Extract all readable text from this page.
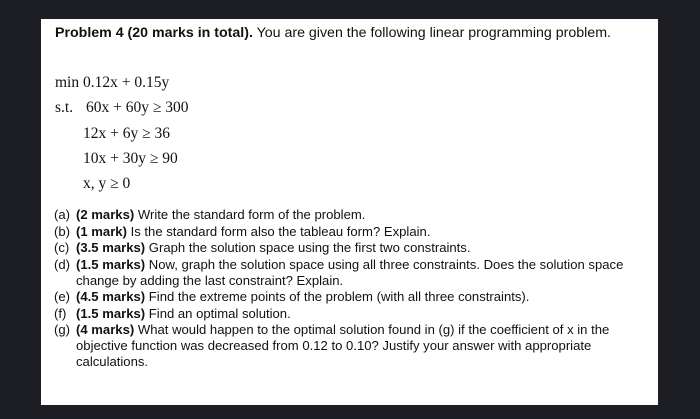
Problem 4 (20 marks in total). You are given the following linear programming problem.
min 0.12x + 0.15y
s.t. 60x + 60y ≥ 300
12x + 6y ≥ 36
10x + 30y ≥ 90
x, y ≥ 0
(a) (2 marks) Write the standard form of the problem.
(b) (1 mark) Is the standard form also the tableau form? Explain.
(c) (3.5 marks) Graph the solution space using the first two constraints.
(d) (1.5 marks) Now, graph the solution space using all three constraints. Does the solution space change by adding the last constraint? Explain.
(e) (4.5 marks) Find the extreme points of the problem (with all three constraints).
(f) (1.5 marks) Find an optimal solution.
(g) (4 marks) What would happen to the optimal solution found in (g) if the coefficient of x in the objective function was decreased from 0.12 to 0.10? Justify your answer with appropriate calculations.
